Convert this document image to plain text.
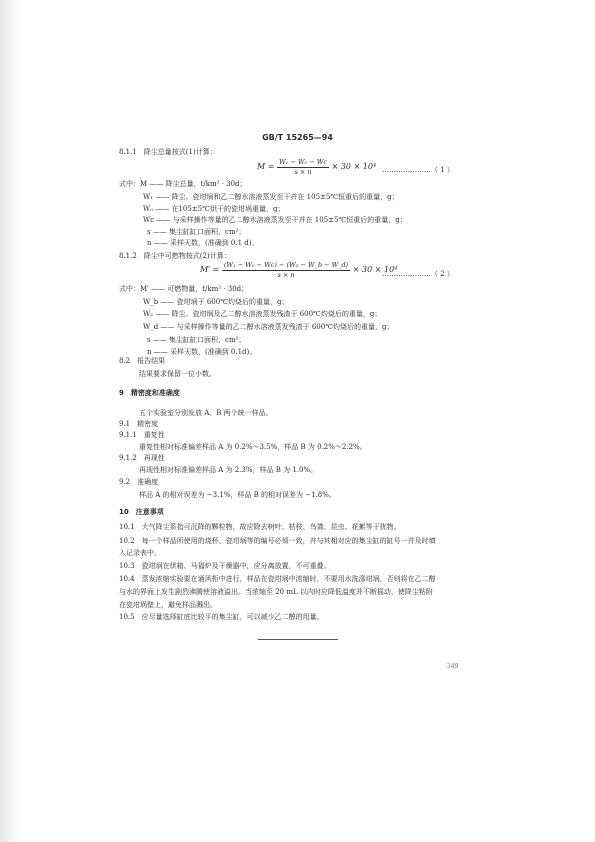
GB/T 15265—94
8.1.1　降尘总量按式(1)计算：
$M = \frac{\text{W₁ − W₀ − Wc}}{s \times n} \times 30 \times 10^4$ …………………（ 1 ）
式中：M —— 降尘总量，t/km² · 30d；
W₁ —— 降尘、瓷坩埚和乙二醇水溶液蒸发至干并在 105±5℃恒重后的重量，g；
W₀ —— 在105±5℃烘干的瓷坩埚重量，g；
Wc —— 与采样操作等量的乙二醇水溶液蒸发至干并在 105±5℃恒重后的重量，g；
s —— 集尘缸缸口面积，cm²；
n —— 采样天数，(准确到 0.1 d)。
8.1.2　降尘中可燃物按式(2)计算：
$M' = \frac{\text{(W₁ − W₀ − Wc) − (W₂ − W\_b − W\_d)}}{s \times n} \times 30 \times 10^4$
…………………（ 2 ）
式中：M′ —— 可燃物量，t/km² · 30d；
W_b —— 瓷坩埚于 600℃灼烧后的重量，g；
W₂ —— 降尘、瓷坩埚及乙二醇水溶液蒸发残渣于 600℃灼烧后的重量，g；
W_d —— 与采样操作等量的乙二醇水溶液蒸发残渣于 600℃灼烧后的重量，g；
s —— 集尘缸缸口面积，cm²；
n —— 采样天数，(准确到 0.1d)。
8.2　报告结果
结果要求保留一位小数。
9　精密度和准确度
五个实验室分别发放 A、B 两个统一样品。
9.1　精密度
9.1.1　重复性
重复性相对标准偏差样品 A 为 0.2%～3.5%，样品 B 为 0.2%～2.2%。
9.1.2　再现性
再现性相对标准偏差样品 A 为 2.3%，样品 B 为 1.0%。
9.2　准确度
样品 A 的相对误差为 −3.1%，样品 B 的相对误差为 −1.8%。
10　注意事项
10.1　大气降尘系指可沉降的颗粒物，故应除去树叶、枯枝、鸟粪、昆虫、花絮等干扰物。
10.2　每一个样品所使用的烧杯、瓷坩埚等的编号必须一致，并与其相对应的集尘缸的缸号一并及时填
入记录表中。
10.3　瓷坩埚在烘箱、马福炉及干燥器中，应分离放置，不可重叠。
10.4　蒸发浓缩实验要在通风柜中进行，样品在瓷坩埚中浓缩时，不要用水洗涤坩埚，否则将在乙二醇
与水的界面上发生剧烈沸腾使溶液溢出。当浓缩至 20 mL 以内时应降低温度并不断摇动，使降尘粘附
在瓷坩埚壁上，避免样品溅出。
10.5　应尽量选择缸底比较平的集尘缸，可以减少乙二醇的用量。
349
